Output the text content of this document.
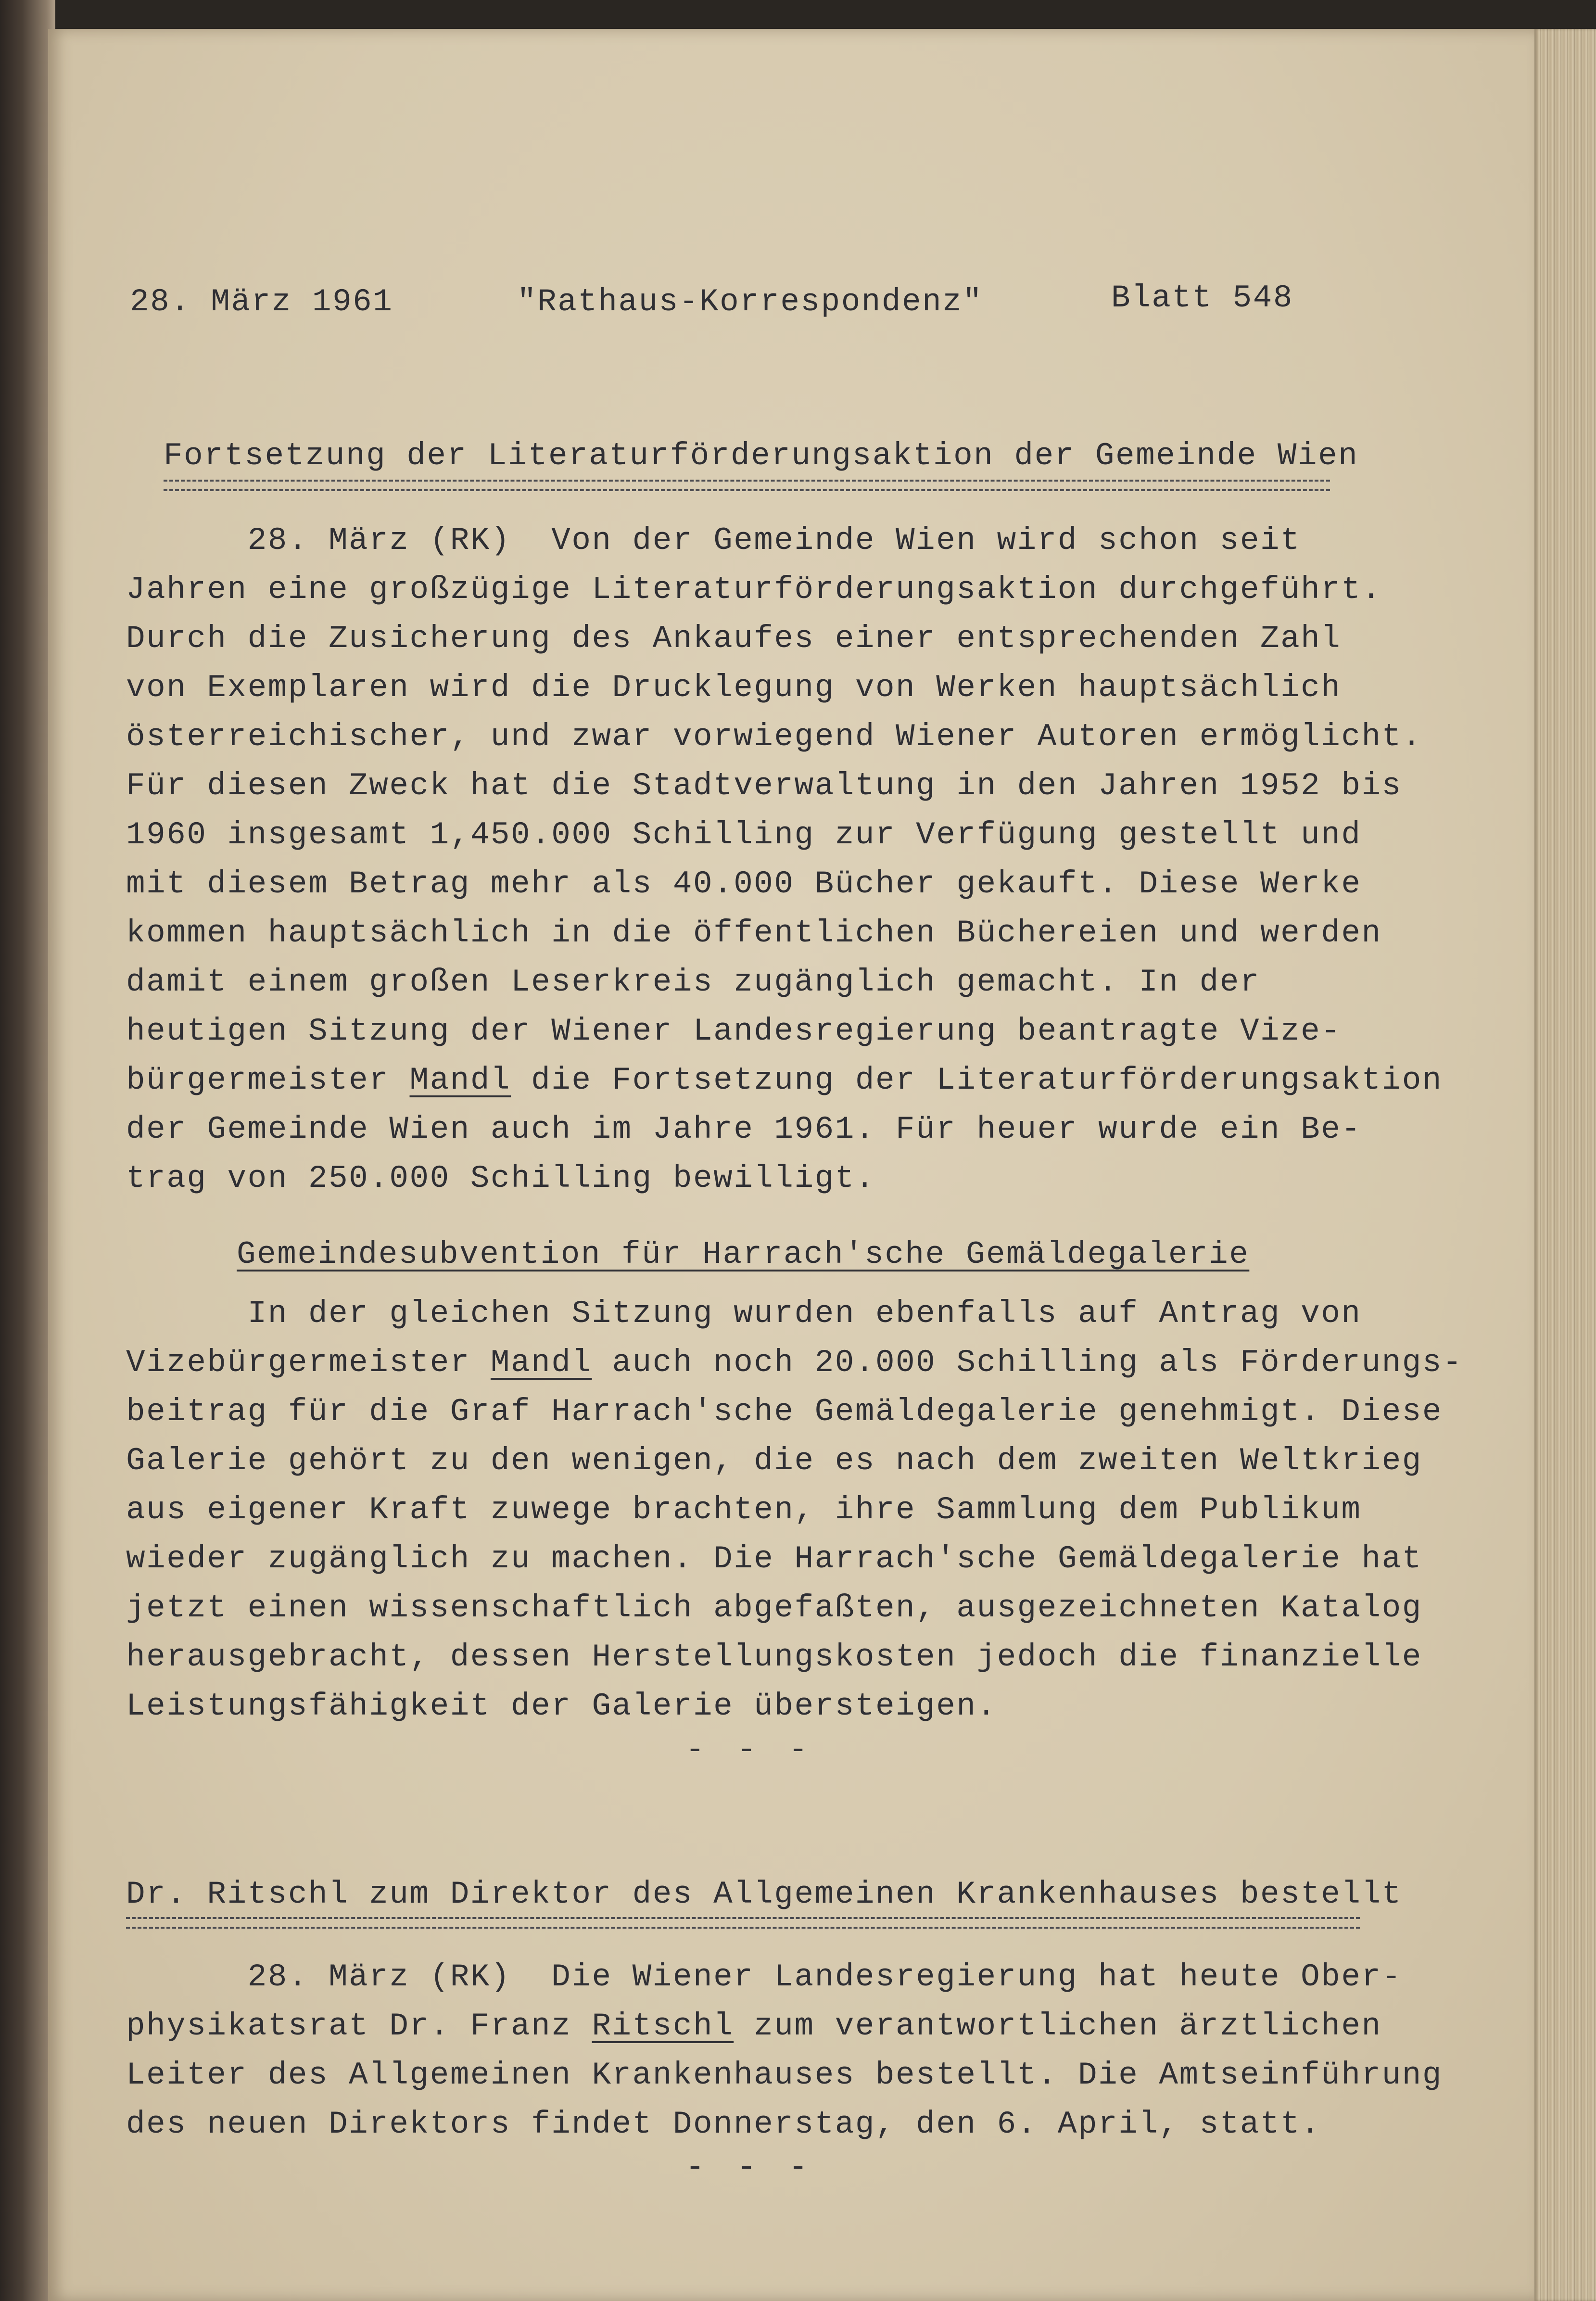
28. März 1961	"Rathaus-Korrespondenz"	Blatt 548
Fortsetzung der Literaturförderungsaktion der Gemeinde Wien
28. März (RK)  Von der Gemeinde Wien wird schon seit
Jahren eine großzügige Literaturförderungsaktion durchgeführt.
Durch die Zusicherung des Ankaufes einer entsprechenden Zahl
von Exemplaren wird die Drucklegung von Werken hauptsächlich
österreichischer, und zwar vorwiegend Wiener Autoren ermöglicht.
Für diesen Zweck hat die Stadtverwaltung in den Jahren 1952 bis
1960 insgesamt 1,450.000 Schilling zur Verfügung gestellt und
mit diesem Betrag mehr als 40.000 Bücher gekauft. Diese Werke
kommen hauptsächlich in die öffentlichen Büchereien und werden
damit einem großen Leserkreis zugänglich gemacht. In der
heutigen Sitzung der Wiener Landesregierung beantragte Vize-
bürgermeister Mandl die Fortsetzung der Literaturförderungsaktion
der Gemeinde Wien auch im Jahre 1961. Für heuer wurde ein Be-
trag von 250.000 Schilling bewilligt.
Gemeindesubvention für Harrach'sche Gemäldegalerie
In der gleichen Sitzung wurden ebenfalls auf Antrag von
Vizebürgermeister Mandl auch noch 20.000 Schilling als Förderungs-
beitrag für die Graf Harrach'sche Gemäldegalerie genehmigt. Diese
Galerie gehört zu den wenigen, die es nach dem zweiten Weltkrieg
aus eigener Kraft zuwege brachten, ihre Sammlung dem Publikum
wieder zugänglich zu machen. Die Harrach'sche Gemäldegalerie hat
jetzt einen wissenschaftlich abgefaßten, ausgezeichneten Katalog
herausgebracht, dessen Herstellungskosten jedoch die finanzielle
Leistungsfähigkeit der Galerie übersteigen.
- - -
Dr. Ritschl zum Direktor des Allgemeinen Krankenhauses bestellt
28. März (RK)  Die Wiener Landesregierung hat heute Ober-
physikatsrat Dr. Franz Ritschl zum verantwortlichen ärztlichen
Leiter des Allgemeinen Krankenhauses bestellt. Die Amtseinführung
des neuen Direktors findet Donnerstag, den 6. April, statt.
- - -
